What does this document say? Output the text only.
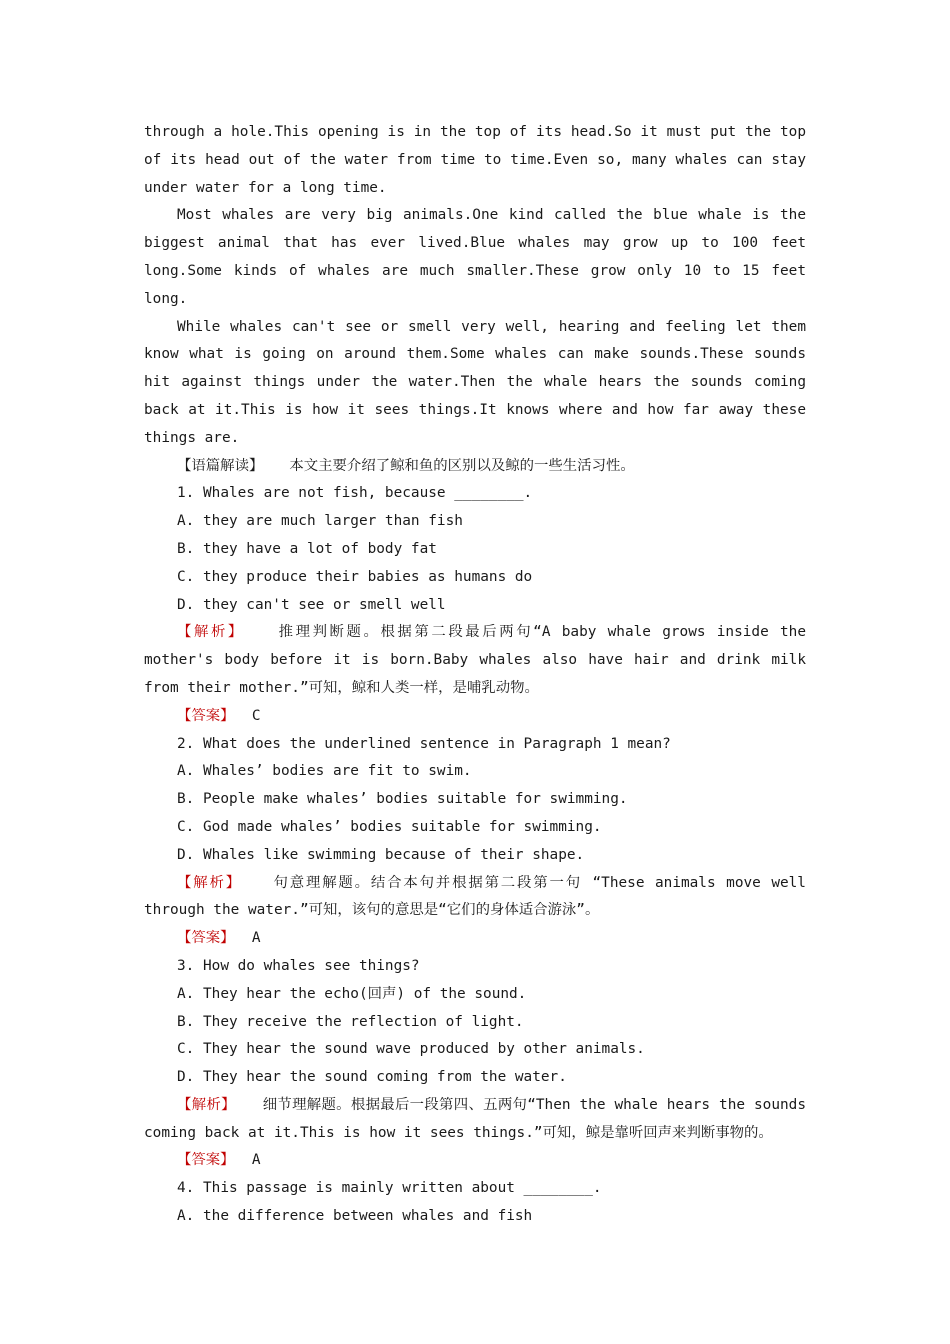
through a hole.This opening is in the top of its head.So it must put the top of its head out of the water from time to time.Even so, many whales can stay under water for a long time.

Most whales are very big animals.One kind called the blue whale is the biggest animal that has ever lived.Blue whales may grow up to 100 feet long.Some kinds of whales are much smaller.These grow only 10 to 15 feet long.

While whales can't see or smell very well, hearing and feeling let them know what is going on around them.Some whales can make sounds.These sounds hit against things under the water.Then the whale hears the sounds coming back at it.This is how it sees things.It knows where and how far away these things are.

【语篇解读】 本文主要介绍了鲸和鱼的区别以及鲸的一些生活习性。

1. Whales are not fish, because ________.

A. they are much larger than fish

B. they have a lot of body fat

C. they produce their babies as humans do

D. they can't see or smell well

【解析】 推理判断题。根据第二段最后两句“A baby whale grows inside the mother's body before it is born.Baby whales also have hair and drink milk from their mother.”可知，鲸和人类一样，是哺乳动物。

【答案】 C

2. What does the underlined sentence in Paragraph 1 mean?

A. Whales’ bodies are fit to swim.

B. People make whales’ bodies suitable for swimming.

C. God made whales’ bodies suitable for swimming.

D. Whales like swimming because of their shape.

【解析】 句意理解题。结合本句并根据第二段第一句 “These animals move well through the water.”可知，该句的意思是“它们的身体适合游泳”。

【答案】 A

3. How do whales see things?

A. They hear the echo(回声) of the sound.

B. They receive the reflection of light.

C. They hear the sound wave produced by other animals.

D. They hear the sound coming from the water.

【解析】 细节理解题。根据最后一段第四、五两句“Then the whale hears the sounds coming back at it.This is how it sees things.”可知，鲸是靠听回声来判断事物的。

【答案】 A

4. This passage is mainly written about ________.

A. the difference between whales and fish
